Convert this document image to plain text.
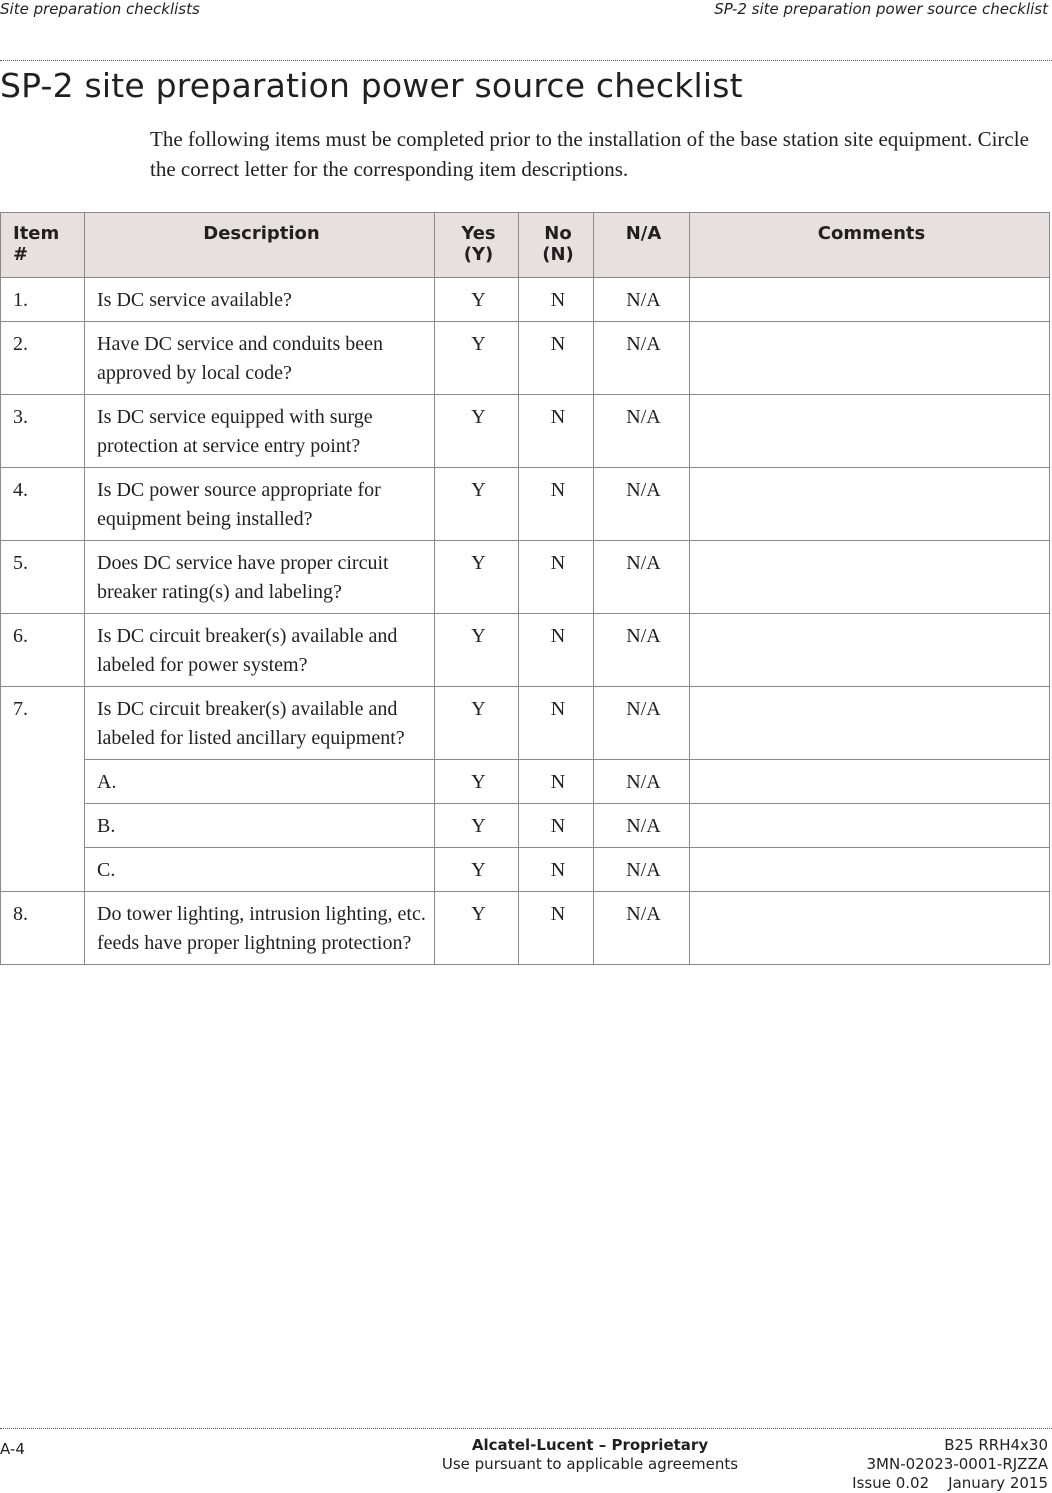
Site preparation checklists	SP-2 site preparation power source checklist
SP-2 site preparation power source checklist

The following items must be completed prior to the installation of the base station site equipment. Circle the correct letter for the corresponding item descriptions.

Item #	Description	Yes (Y)	No (N)	N/A	Comments
1.	Is DC service available?	Y	N	N/A	
2.	Have DC service and conduits been approved by local code?	Y	N	N/A	
3.	Is DC service equipped with surge protection at service entry point?	Y	N	N/A	
4.	Is DC power source appropriate for equipment being installed?	Y	N	N/A	
5.	Does DC service have proper circuit breaker rating(s) and labeling?	Y	N	N/A	
6.	Is DC circuit breaker(s) available and labeled for power system?	Y	N	N/A	
7.	Is DC circuit breaker(s) available and labeled for listed ancillary equipment?	Y	N	N/A	
	A.	Y	N	N/A	
	B.	Y	N	N/A	
	C.	Y	N	N/A	
8.	Do tower lighting, intrusion lighting, etc. feeds have proper lightning protection?	Y	N	N/A	
A-4	Alcatel-Lucent – Proprietary
Use pursuant to applicable agreements
B25 RRH4x30
3MN-02023-0001-RJZZA
Issue 0.02    January 2015
